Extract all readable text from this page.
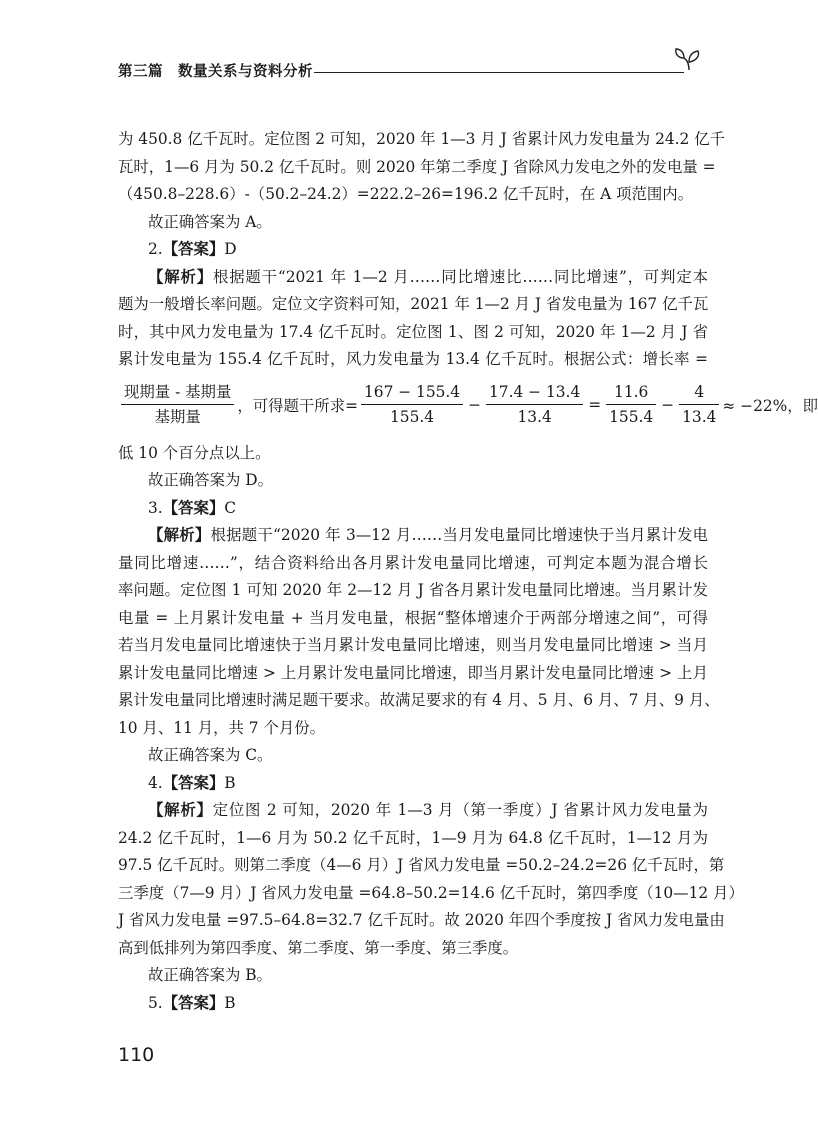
第三篇　数量关系与资料分析
为 450.8 亿千瓦时。定位图 2 可知，2020 年 1—3 月 J 省累计风力发电量为 24.2 亿千
瓦时，1—6 月为 50.2 亿千瓦时。则 2020 年第二季度 J 省除风力发电之外的发电量 =
（450.8–228.6）-（50.2–24.2）=222.2–26=196.2 亿千瓦时，在 A 项范围内。
故正确答案为 A。
2.【答案】D
【解析】根据题干“2021 年 1—2 月……同比增速比……同比增速”，可判定本
题为一般增长率问题。定位文字资料可知，2021 年 1—2 月 J 省发电量为 167 亿千瓦
时，其中风力发电量为 17.4 亿千瓦时。定位图 1、图 2 可知，2020 年 1—2 月 J 省
累计发电量为 155.4 亿千瓦时，风力发电量为 13.4 亿千瓦时。根据公式：增长率 =
$\frac{\text{现期量 - 基期量}}{\text{基期量}}$ ，可得题干所求= $\frac{167 - 155.4}{155.4} - \frac{17.4 - 13.4}{13.4} = \frac{11.6}{155.4} - \frac{4}{13.4} \approx -22\%$，即
低 10 个百分点以上。
故正确答案为 D。
3.【答案】C
【解析】根据题干“2020 年 3—12 月……当月发电量同比增速快于当月累计发电
量同比增速……”，结合资料给出各月累计发电量同比增速，可判定本题为混合增长
率问题。定位图 1 可知 2020 年 2—12 月 J 省各月累计发电量同比增速。当月累计发
电量 = 上月累计发电量 + 当月发电量，根据“整体增速介于两部分增速之间”，可得
若当月发电量同比增速快于当月累计发电量同比增速，则当月发电量同比增速 > 当月
累计发电量同比增速 > 上月累计发电量同比增速，即当月累计发电量同比增速 > 上月
累计发电量同比增速时满足题干要求。故满足要求的有 4 月、5 月、6 月、7 月、9 月、
10 月、11 月，共 7 个月份。
故正确答案为 C。
4.【答案】B
【解析】定位图 2 可知，2020 年 1—3 月（第一季度）J 省累计风力发电量为
24.2 亿千瓦时，1—6 月为 50.2 亿千瓦时，1—9 月为 64.8 亿千瓦时，1—12 月为
97.5 亿千瓦时。则第二季度（4—6 月）J 省风力发电量 =50.2–24.2=26 亿千瓦时，第
三季度（7—9 月）J 省风力发电量 =64.8–50.2=14.6 亿千瓦时，第四季度（10—12 月）
J 省风力发电量 =97.5–64.8=32.7 亿千瓦时。故 2020 年四个季度按 J 省风力发电量由
高到低排列为第四季度、第二季度、第一季度、第三季度。
故正确答案为 B。
5.【答案】B
110
